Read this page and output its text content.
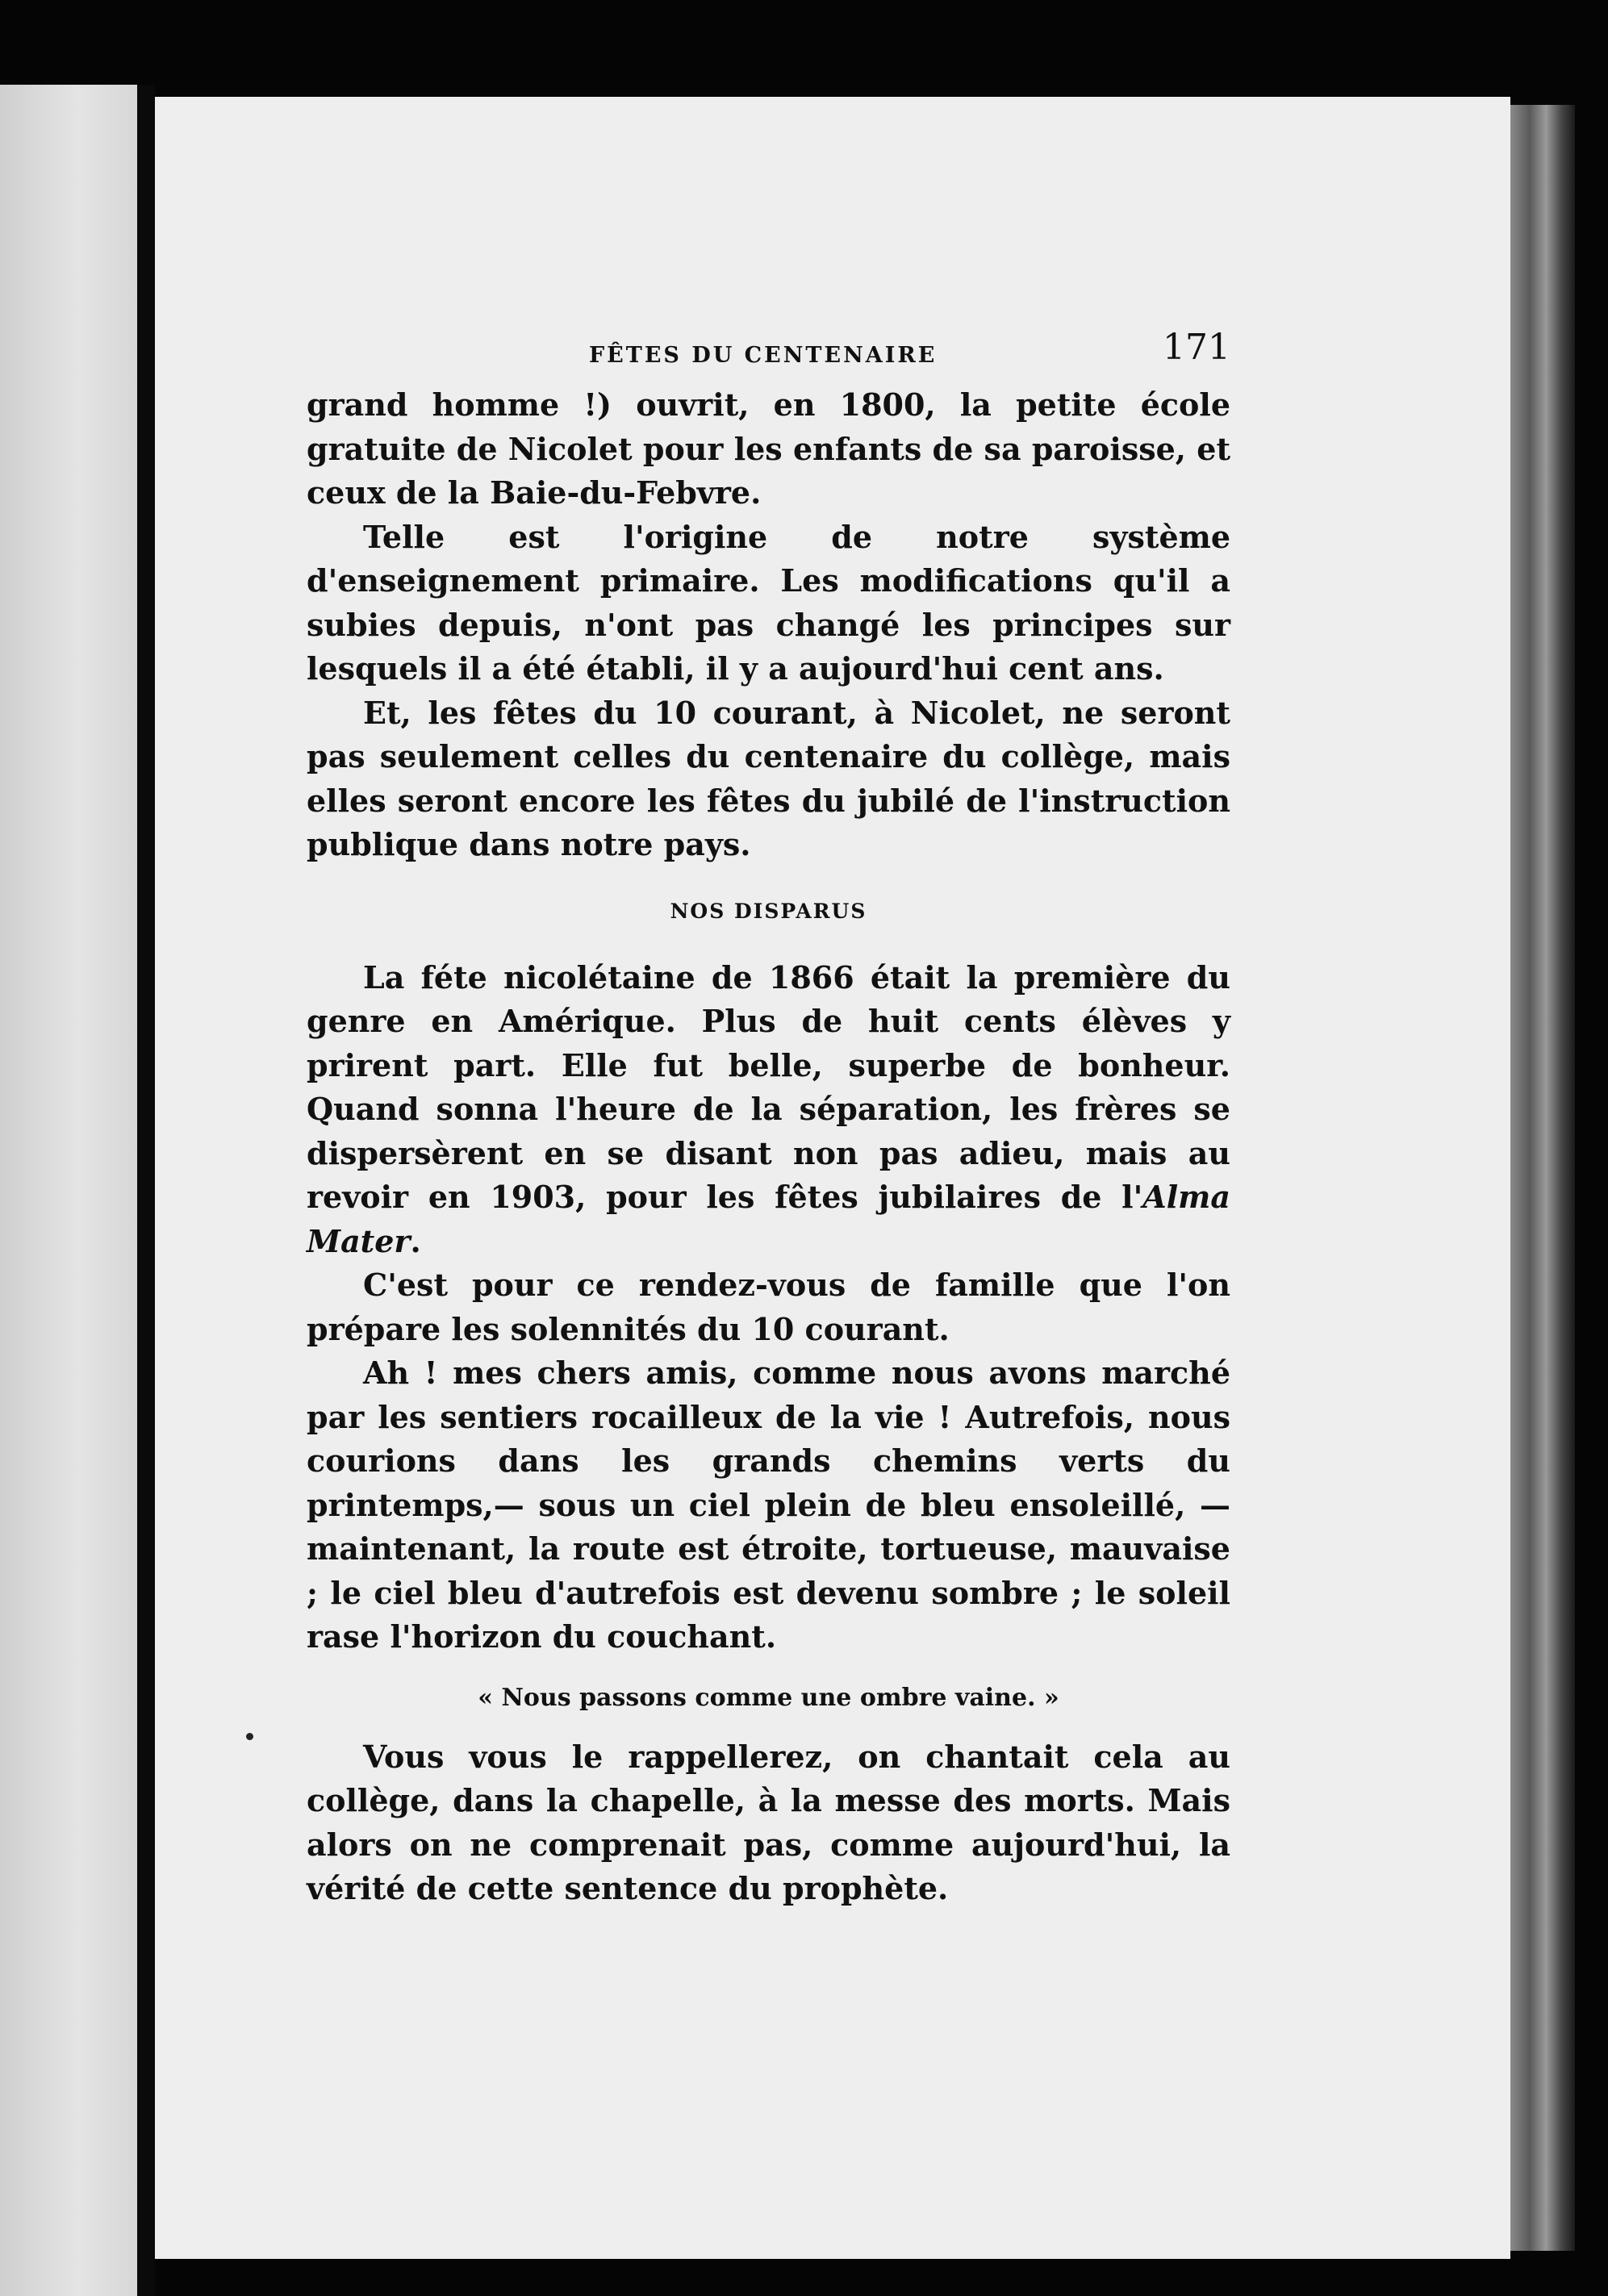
FÊTES DU CENTENAIRE	171

grand homme !) ouvrit, en 1800, la petite école gratuite de Nicolet pour les enfants de sa paroisse, et ceux de la Baie-du-Febvre.

Telle est l'origine de notre système d'enseignement primaire. Les modifications qu'il a subies depuis, n'ont pas changé les principes sur lesquels il a été établi, il y a aujourd'hui cent ans.

Et, les fêtes du 10 courant, à Nicolet, ne seront pas seulement celles du centenaire du collège, mais elles seront encore les fêtes du jubilé de l'instruction publique dans notre pays.

NOS DISPARUS

La féte nicolétaine de 1866 était la première du genre en Amérique. Plus de huit cents élèves y prirent part. Elle fut belle, superbe de bonheur. Quand sonna l'heure de la séparation, les frères se dispersèrent en se disant non pas adieu, mais au revoir en 1903, pour les fêtes jubilaires de l'Alma Mater.

C'est pour ce rendez-vous de famille que l'on prépare les solennités du 10 courant.

Ah ! mes chers amis, comme nous avons marché par les sentiers rocailleux de la vie ! Autrefois, nous courions dans les grands chemins verts du printemps,— sous un ciel plein de bleu ensoleillé, — maintenant, la route est étroite, tortueuse, mauvaise ; le ciel bleu d'autrefois est devenu sombre ; le soleil rase l'horizon du couchant.

« Nous passons comme une ombre vaine. »

Vous vous le rappellerez, on chantait cela au collège, dans la chapelle, à la messe des morts. Mais alors on ne comprenait pas, comme aujourd'hui, la vérité de cette sentence du prophète.
